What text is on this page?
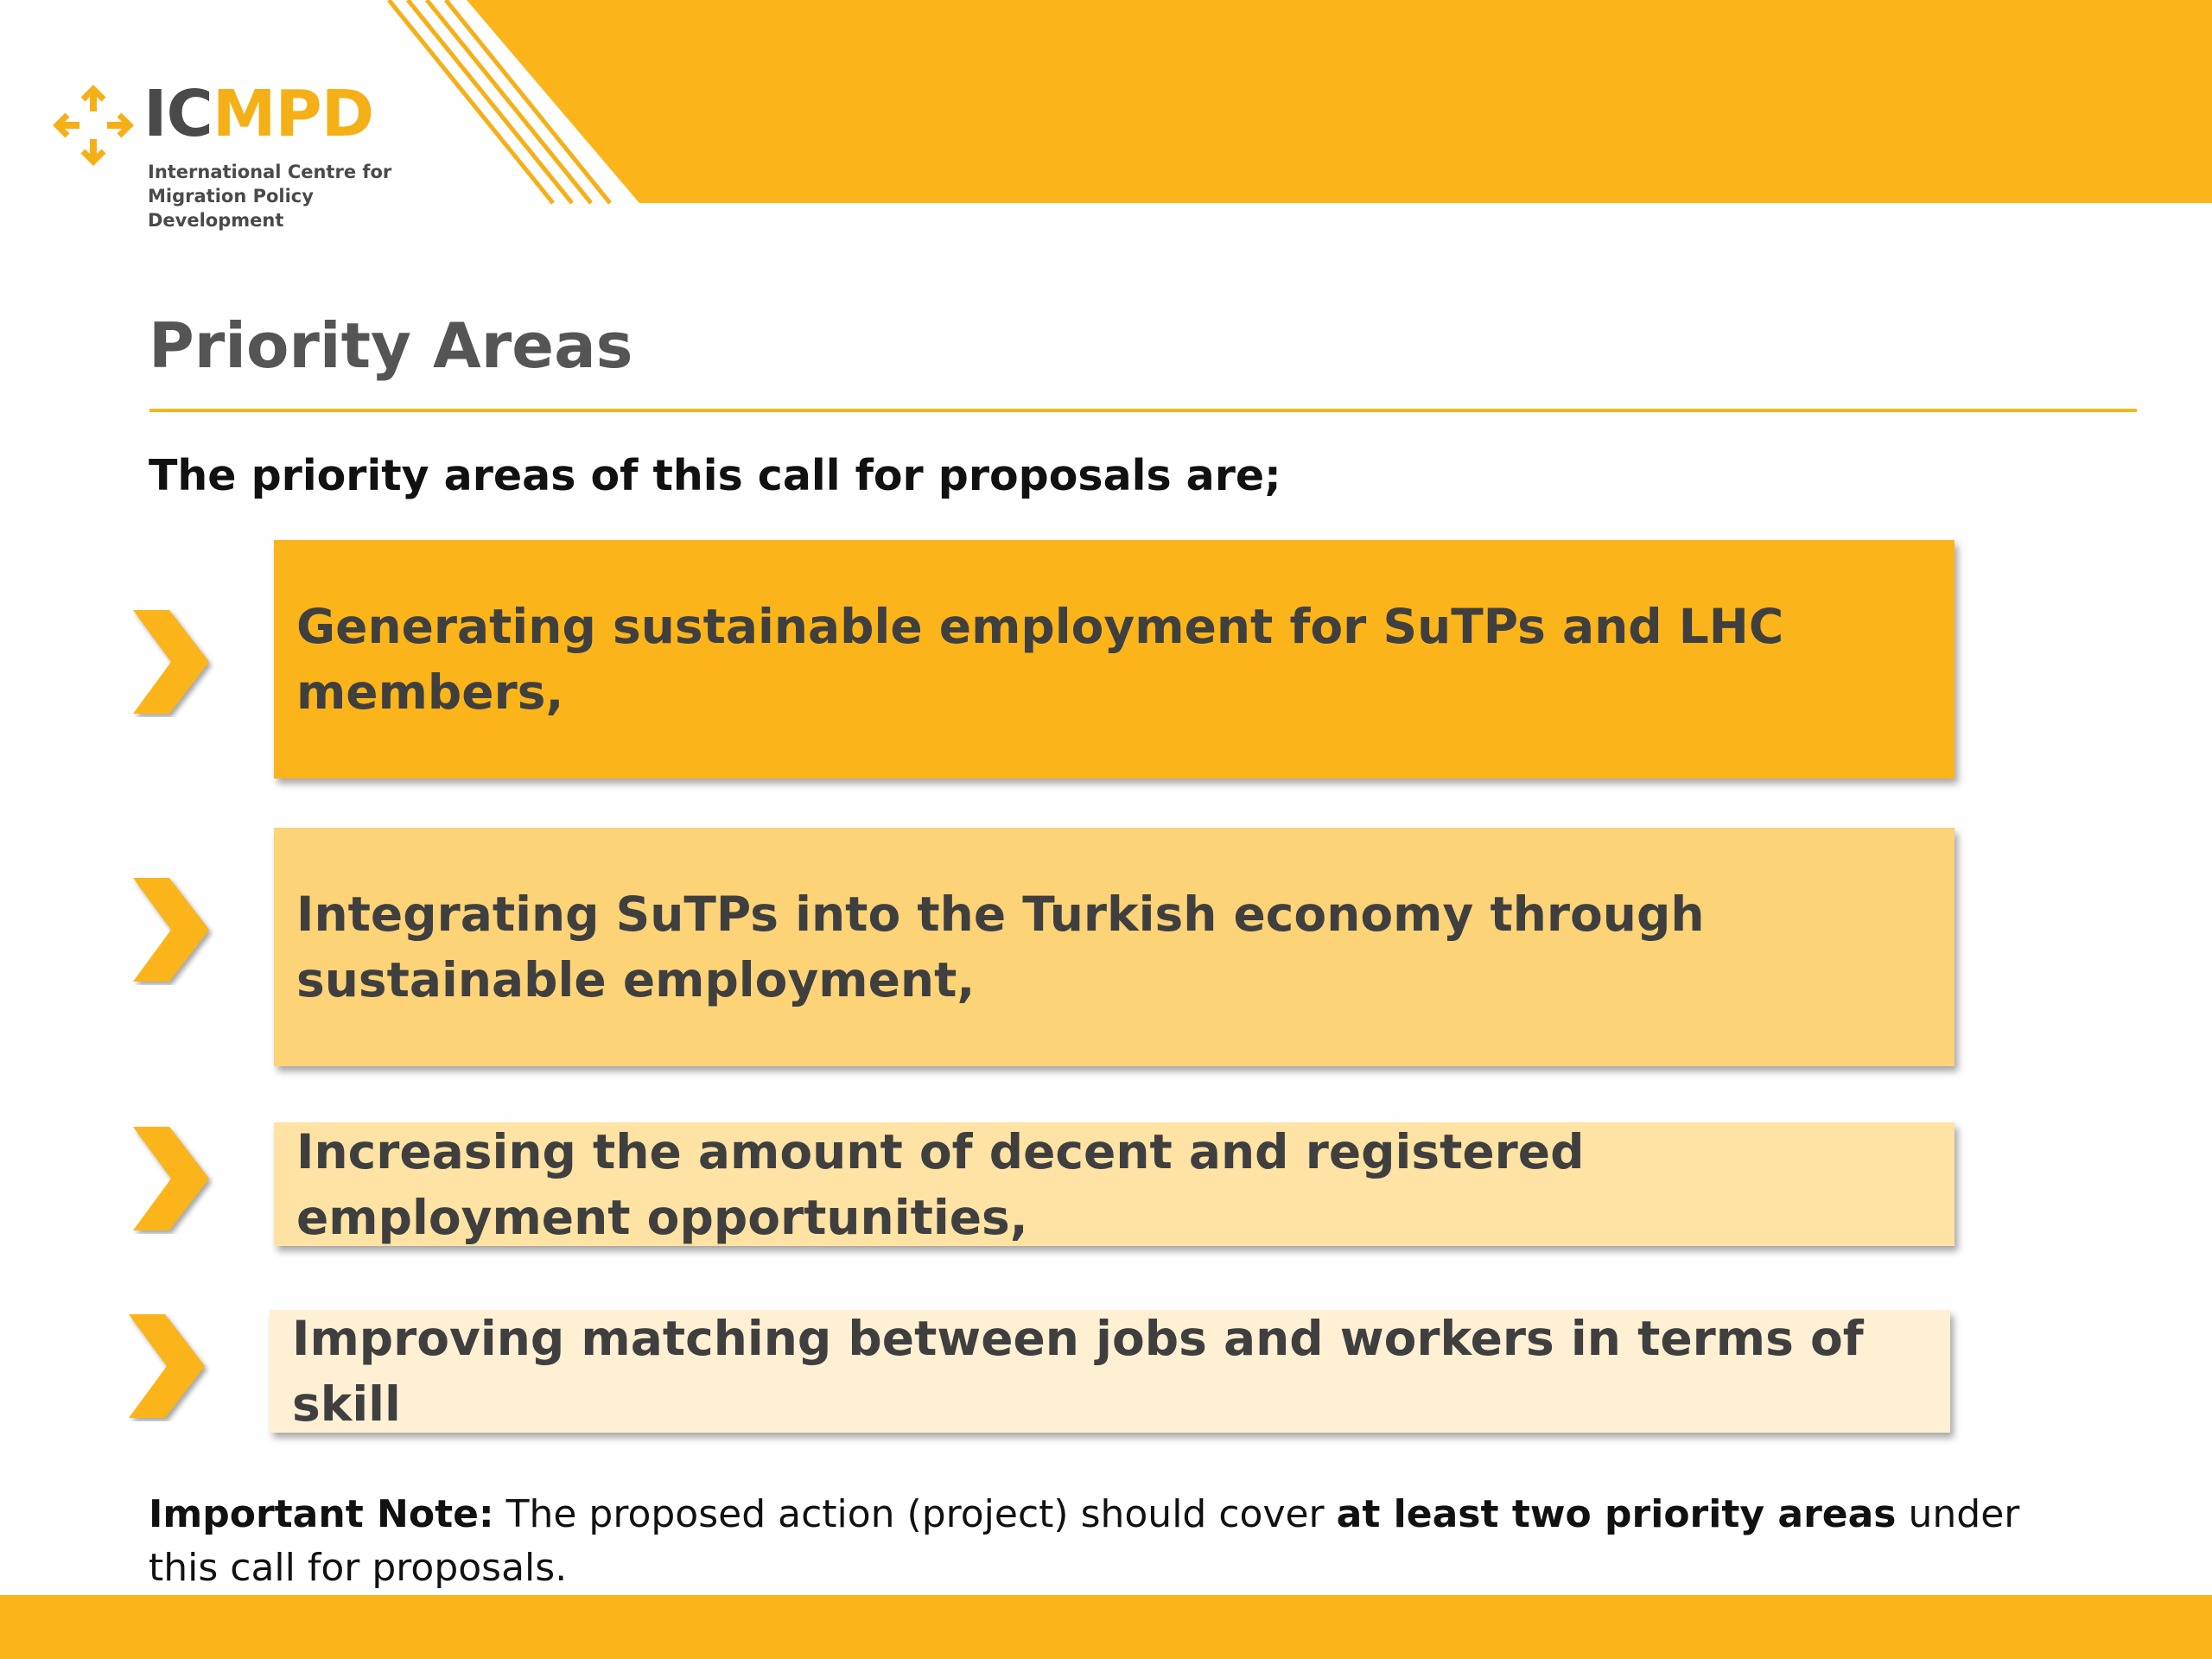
ICMPD
International Centre for
Migration Policy Development
Priority Areas
The priority areas of this call for proposals are;
Generating sustainable employment for SuTPs and LHC members,
Integrating SuTPs into the Turkish economy through sustainable employment,
Increasing the amount of decent and registered employment opportunities,
Improving matching between jobs and workers in terms of skill
Important Note: The proposed action (project) should cover at least two priority areas under this call for proposals.
